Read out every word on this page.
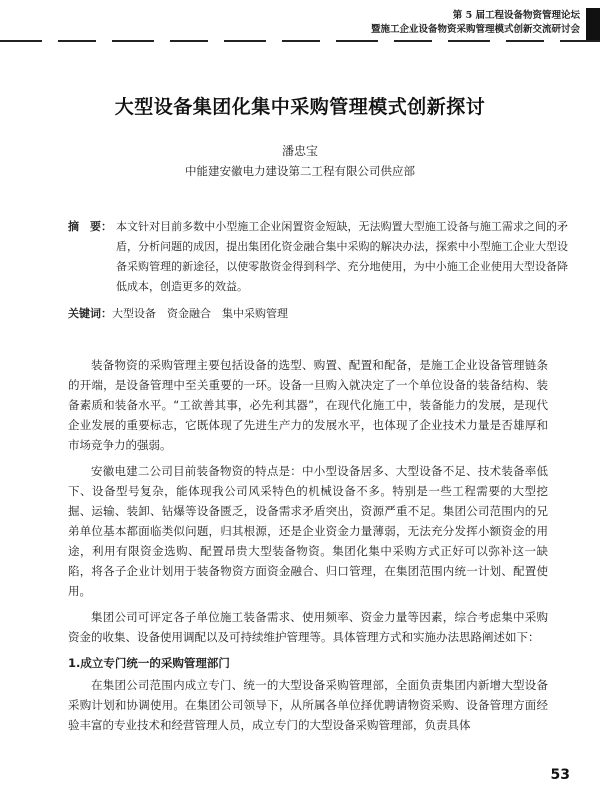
第 5 届工程设备物资管理论坛
暨施工企业设备物资采购管理模式创新交流研讨会
大型设备集团化集中采购管理模式创新探讨
潘忠宝
中能建安徽电力建设第二工程有限公司供应部
摘　要： 本文针对目前多数中小型施工企业闲置资金短缺，无法购置大型施工设备与施工需求之间的矛盾，分析问题的成因，提出集团化资金融合集中采购的解决办法，探索中小型施工企业大型设备采购管理的新途径，以使零散资金得到科学、充分地使用，为中小施工企业使用大型设备降低成本，创造更多的效益。
关键词：大型设备　资金融合　集中采购管理

装备物资的采购管理主要包括设备的选型、购置、配置和配备，是施工企业设备管理链条的开端，是设备管理中至关重要的一环。设备一旦购入就决定了一个单位设备的装备结构、装备素质和装备水平。“工欲善其事，必先利其器”，在现代化施工中，装备能力的发展，是现代企业发展的重要标志，它既体现了先进生产力的发展水平，也体现了企业技术力量是否雄厚和市场竞争力的强弱。

安徽电建二公司目前装备物资的特点是：中小型设备居多、大型设备不足、技术装备率低下、设备型号复杂，能体现我公司风采特色的机械设备不多。特别是一些工程需要的大型挖掘、运输、装卸、钻爆等设备匮乏，设备需求矛盾突出，资源严重不足。集团公司范围内的兄弟单位基本都面临类似问题，归其根源，还是企业资金力量薄弱，无法充分发挥小额资金的用途，利用有限资金选购、配置昂贵大型装备物资。集团化集中采购方式正好可以弥补这一缺陷，将各子企业计划用于装备物资方面资金融合、归口管理，在集团范围内统一计划、配置使用。

集团公司可评定各子单位施工装备需求、使用频率、资金力量等因素，综合考虑集中采购资金的收集、设备使用调配以及可持续维护管理等。具体管理方式和实施办法思路阐述如下：

1.成立专门统一的采购管理部门

在集团公司范围内成立专门、统一的大型设备采购管理部，全面负责集团内新增大型设备采购计划和协调使用。在集团公司领导下，从所属各单位择优聘请物资采购、设备管理方面经验丰富的专业技术和经营管理人员，成立专门的大型设备采购管理部，负责具体

53
